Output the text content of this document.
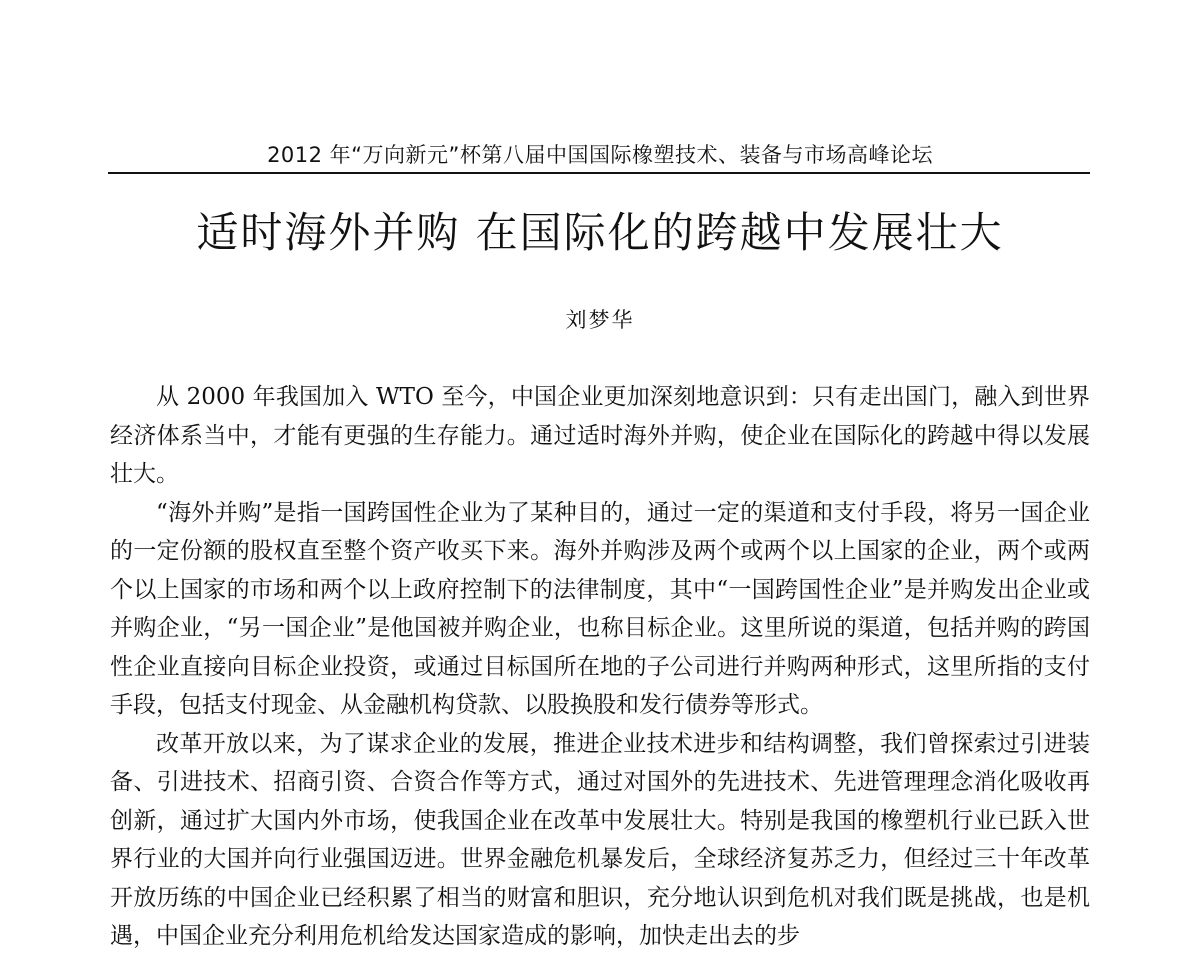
2012 年“万向新元”杯第八届中国国际橡塑技术、装备与市场高峰论坛
适时海外并购 在国际化的跨越中发展壮大
刘梦华

从 2000 年我国加入 WTO 至今，中国企业更加深刻地意识到：只有走出国门，融入到世界经济体系当中，才能有更强的生存能力。通过适时海外并购，使企业在国际化的跨越中得以发展壮大。

“海外并购”是指一国跨国性企业为了某种目的，通过一定的渠道和支付手段，将另一国企业的一定份额的股权直至整个资产收买下来。海外并购涉及两个或两个以上国家的企业，两个或两个以上国家的市场和两个以上政府控制下的法律制度，其中“一国跨国性企业”是并购发出企业或并购企业，“另一国企业”是他国被并购企业，也称目标企业。这里所说的渠道，包括并购的跨国性企业直接向目标企业投资，或通过目标国所在地的子公司进行并购两种形式，这里所指的支付手段，包括支付现金、从金融机构贷款、以股换股和发行债券等形式。

改革开放以来，为了谋求企业的发展，推进企业技术进步和结构调整，我们曾探索过引进装备、引进技术、招商引资、合资合作等方式，通过对国外的先进技术、先进管理理念消化吸收再创新，通过扩大国内外市场，使我国企业在改革中发展壮大。特别是我国的橡塑机行业已跃入世界行业的大国并向行业强国迈进。世界金融危机暴发后，全球经济复苏乏力，但经过三十年改革开放历练的中国企业已经积累了相当的财富和胆识，充分地认识到危机对我们既是挑战，也是机遇，中国企业充分利用危机给发达国家造成的影响，加快走出去的步
